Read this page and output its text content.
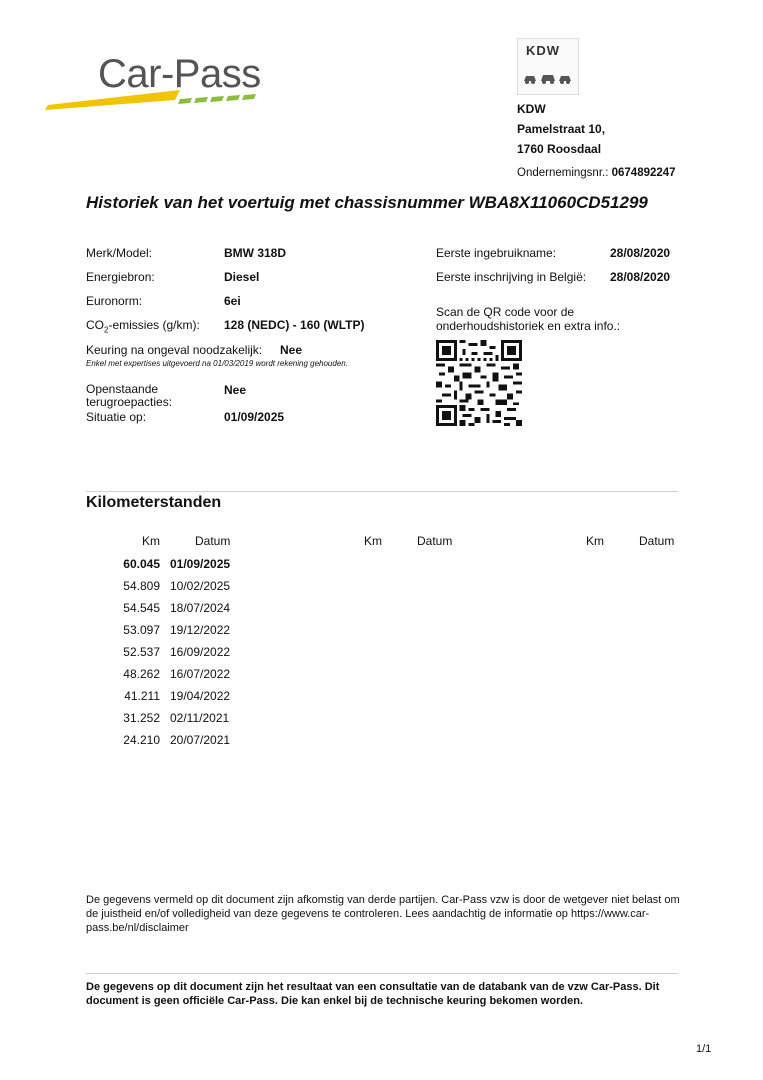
Car-Pass
KDW
KDW
Pamelstraat 10,
1760 Roosdaal
Ondernemingsnr.: 0674892247
Historiek van het voertuig met chassisnummer WBA8X11060CD51299
Merk/Model:	BMW 318D
Energiebron:	Diesel
Euronorm:	6ei
$CO_2$-emissies (g/km): 128 (NEDC) - 160 (WLTP)
Keuring na ongeval noodzakelijk: Nee
Enkel met expertises uitgevoerd na 01/03/2019 wordt rekening gehouden.
Openstaande
terugroepacties:
Nee
Situatie op:	01/09/2025
Eerste ingebruikname:	28/08/2020
Eerste inschrijving in België: 28/08/2020
Scan de QR code voor de
onderhoudshistoriek en extra info.:
Kilometerstanden
Km	Datum	Km	Datum	Km	Datum
60.045 01/09/2025
54.809 10/02/2025
54.545 18/07/2024
53.097 19/12/2022
52.537 16/09/2022
48.262 16/07/2022
41.211 19/04/2022
31.252 02/11/2021
24.210 20/07/2021
De gegevens vermeld op dit document zijn afkomstig van derde partijen. Car-Pass vzw is door de wetgever niet belast om de juistheid en/of volledigheid van deze gegevens te controleren. Lees aandachtig de informatie op https://www.car-pass.be/nl/disclaimer
De gegevens op dit document zijn het resultaat van een consultatie van de databank van de vzw Car-Pass. Dit document is geen officiële Car-Pass. Die kan enkel bij de technische keuring bekomen worden.
1/1
